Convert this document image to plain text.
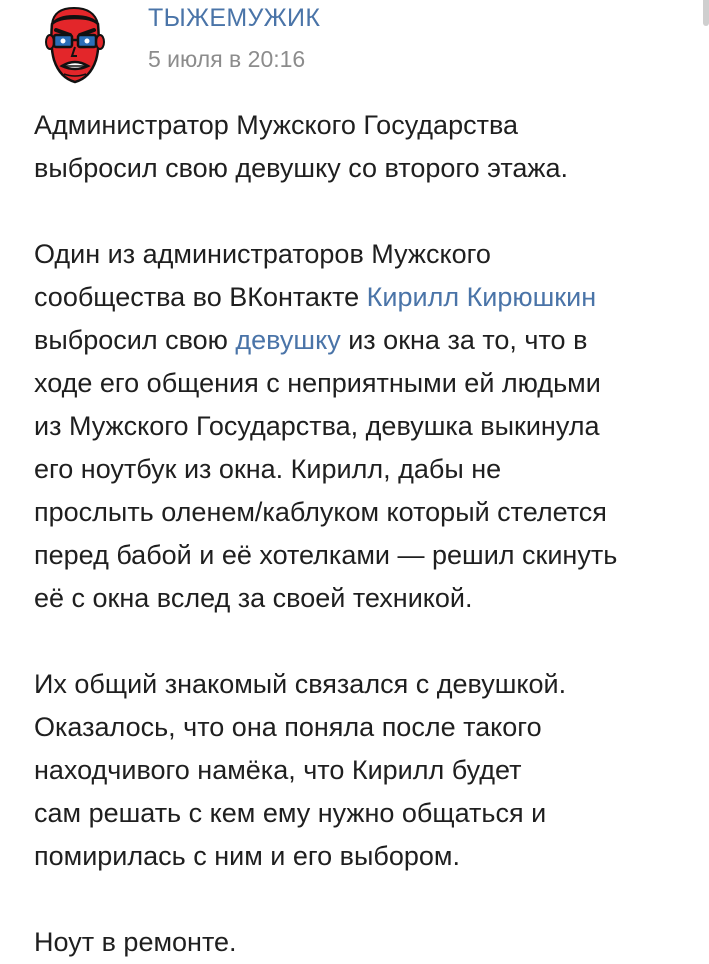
ТЫЖЕМУЖИК
5 июля в 20:16
Администратор Мужского Государства
выбросил свою девушку со второго этажа.
Один из администраторов Мужского
сообщества во ВКонтакте Кирилл Кирюшкин
выбросил свою девушку из окна за то, что в
ходе его общения с неприятными ей людьми
из Мужского Государства, девушка выкинула
его ноутбук из окна. Кирилл, дабы не
прослыть оленем/каблуком который стелется
перед бабой и её хотелками — решил скинуть
её с окна вслед за своей техникой.
Их общий знакомый связался с девушкой.
Оказалось, что она поняла после такого
находчивого намёка, что Кирилл будет
сам решать с кем ему нужно общаться и
помирилась с ним и его выбором.
Ноут в ремонте.
